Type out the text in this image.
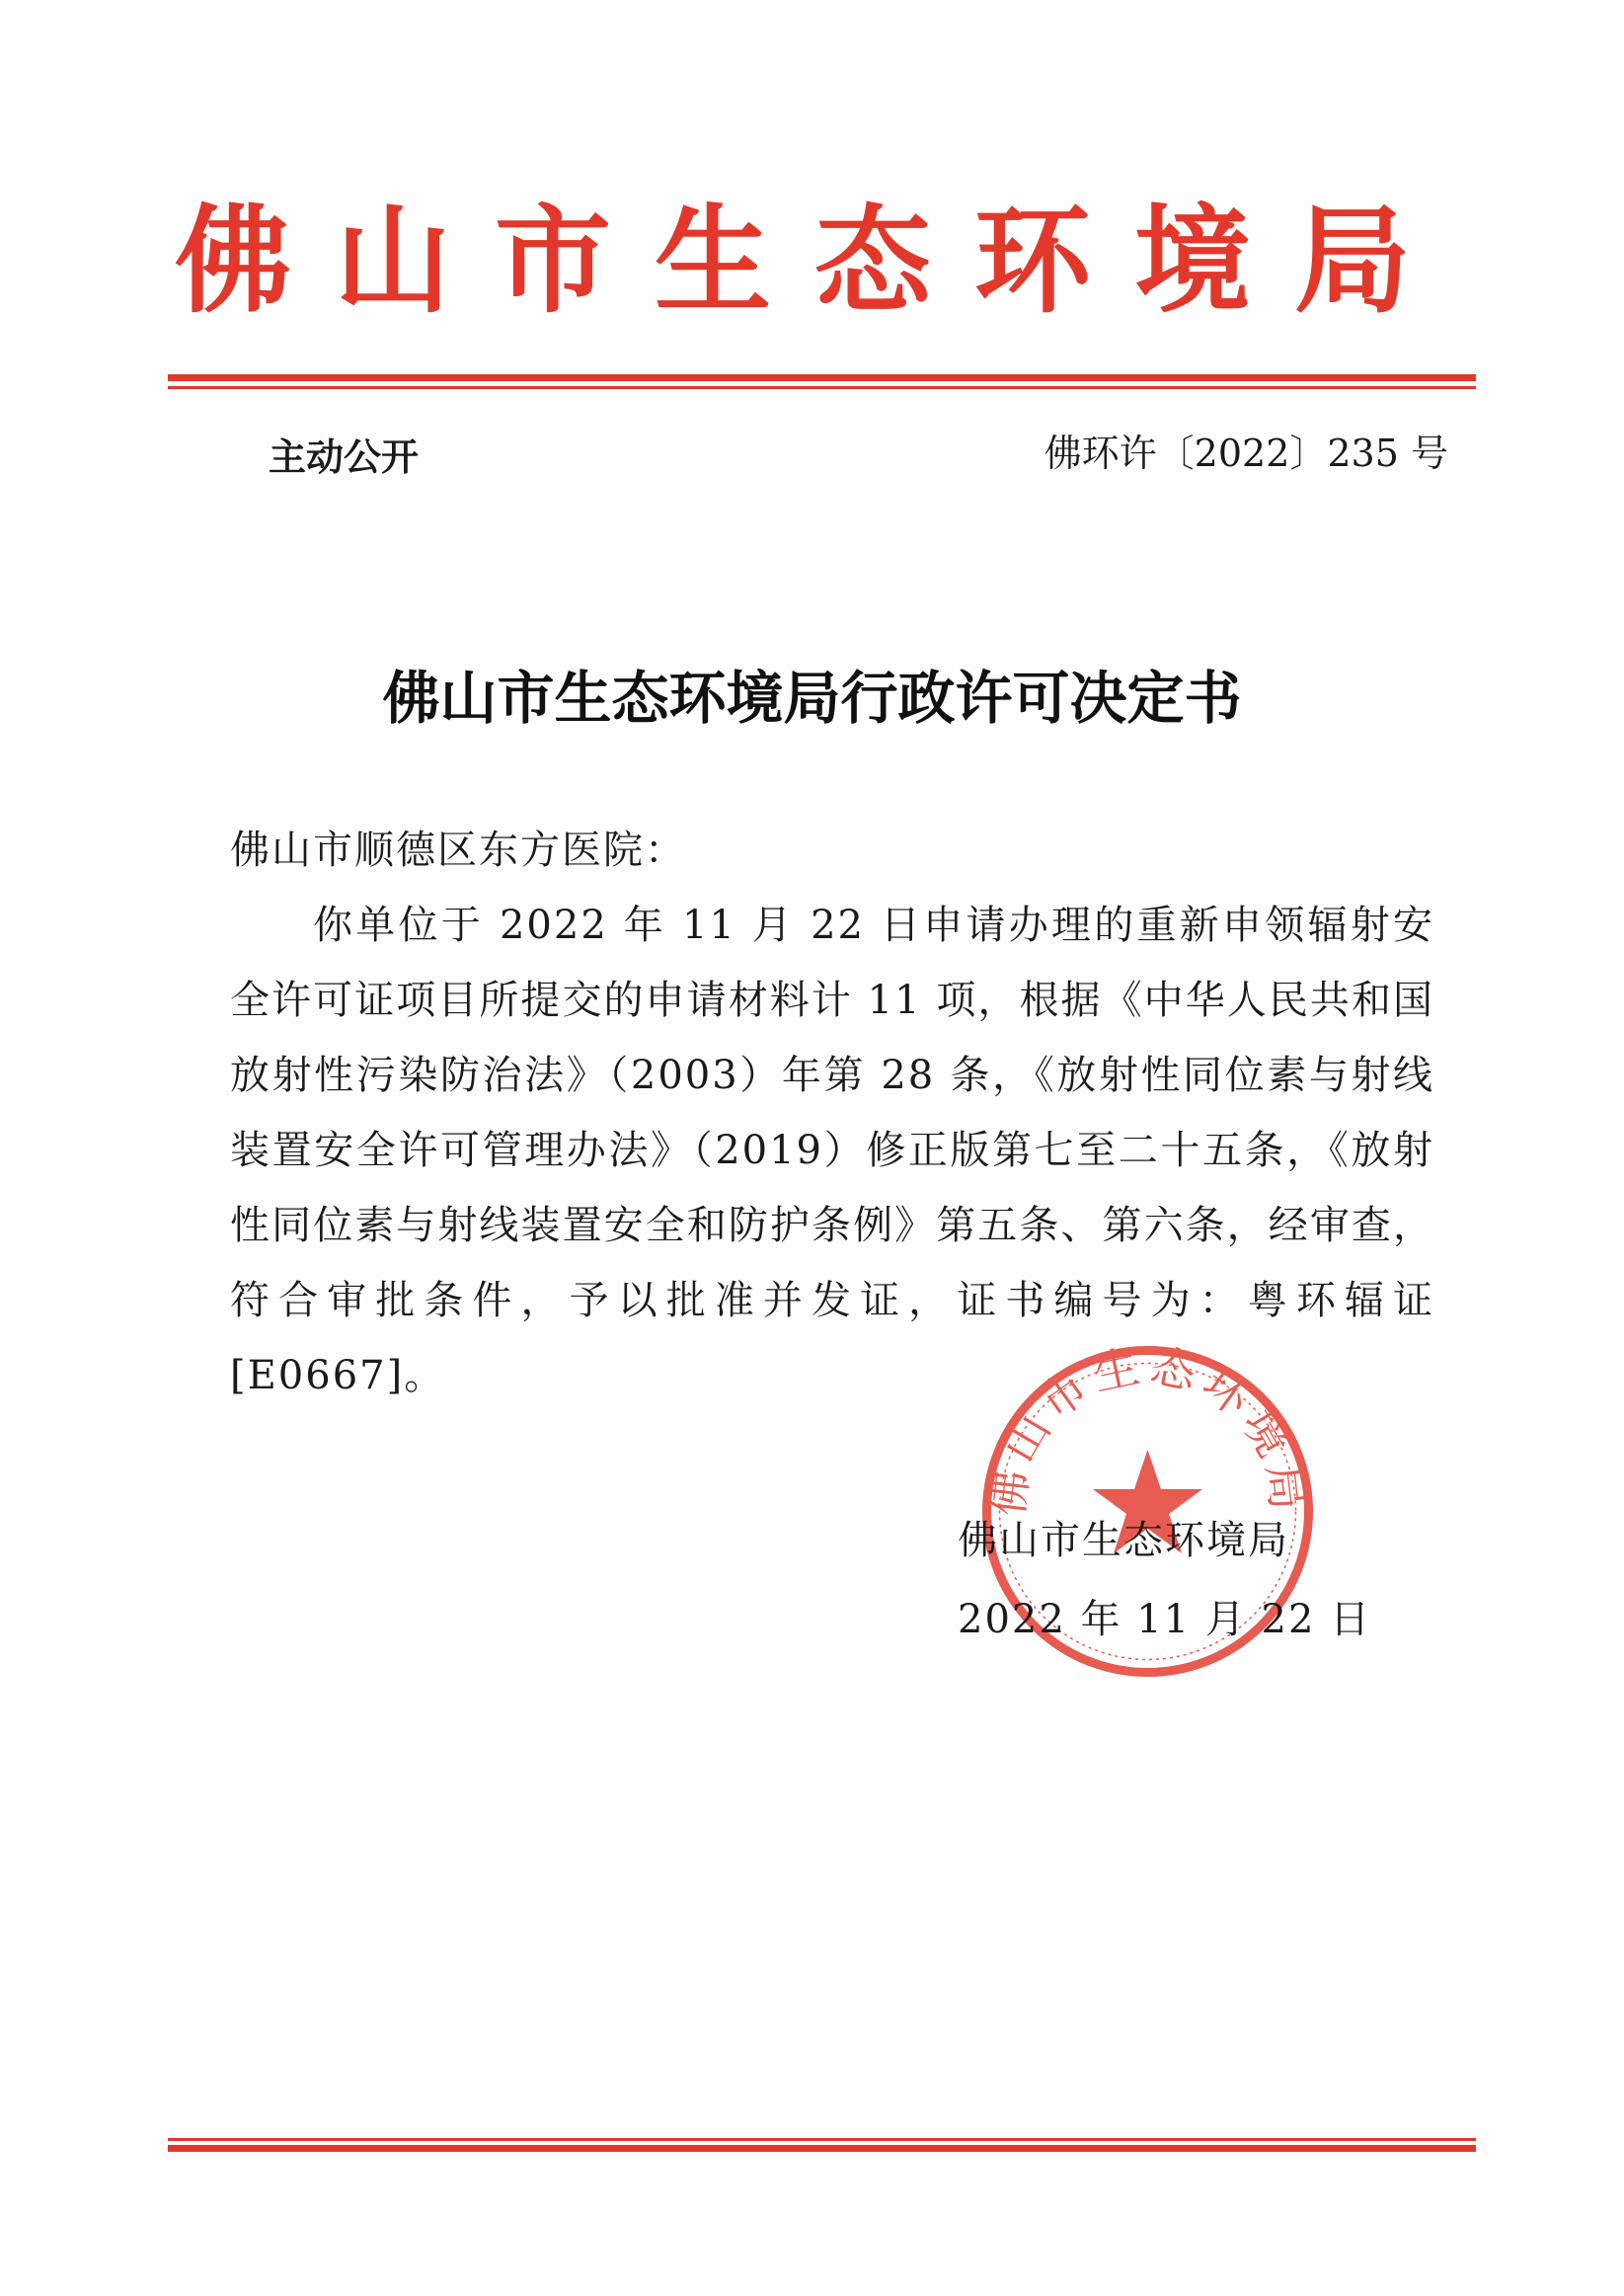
佛山市生态环境局
主动公开	佛环许〔2022〕235 号
佛山市生态环境局行政许可决定书

佛山市顺德区东方医院：

你单位于 2022 年 11 月 22 日申请办理的重新申领辐射安全许可证项目所提交的申请材料计 11 项，根据《中华人民共和国放射性污染防治法》（2003）年第 28 条，《放射性同位素与射线装置安全许可管理办法》（2019）修正版第七至二十五条，《放射性同位素与射线装置安全和防护条例》第五条、第六条，经审查，符合审批条件，予以批准并发证，证书编号为：粤环辐证[E0667]。

佛山市生态环境局
佛山市生态环境局
2022 年 11 月 22 日
